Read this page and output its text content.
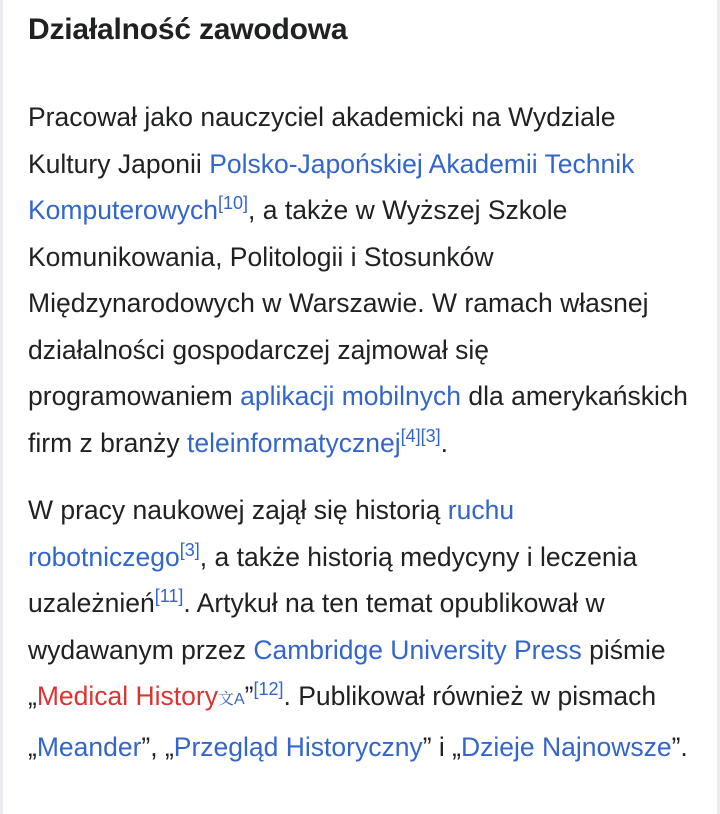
Działalność zawodowa

Pracował jako nauczyciel akademicki na Wydziale Kultury Japonii Polsko-Japońskiej Akademii Technik Komputerowych[10], a także w Wyższej Szkole Komunikowania, Politologii i Stosunków Międzynarodowych w Warszawie. W ramach własnej działalności gospodarczej zajmował się programowaniem aplikacji mobilnych dla amerykańskich firm z branży teleinformatycznej[4][3].

W pracy naukowej zajął się historią ruchu robotniczego[3], a także historią medycyny i leczenia uzależnień[11]. Artykuł na ten temat opublikował w wydawanym przez Cambridge University Press piśmie „Medical History文A”[12]. Publikował również w pismach „Meander”, „Przegląd Historyczny” i „Dzieje Najnowsze”.
